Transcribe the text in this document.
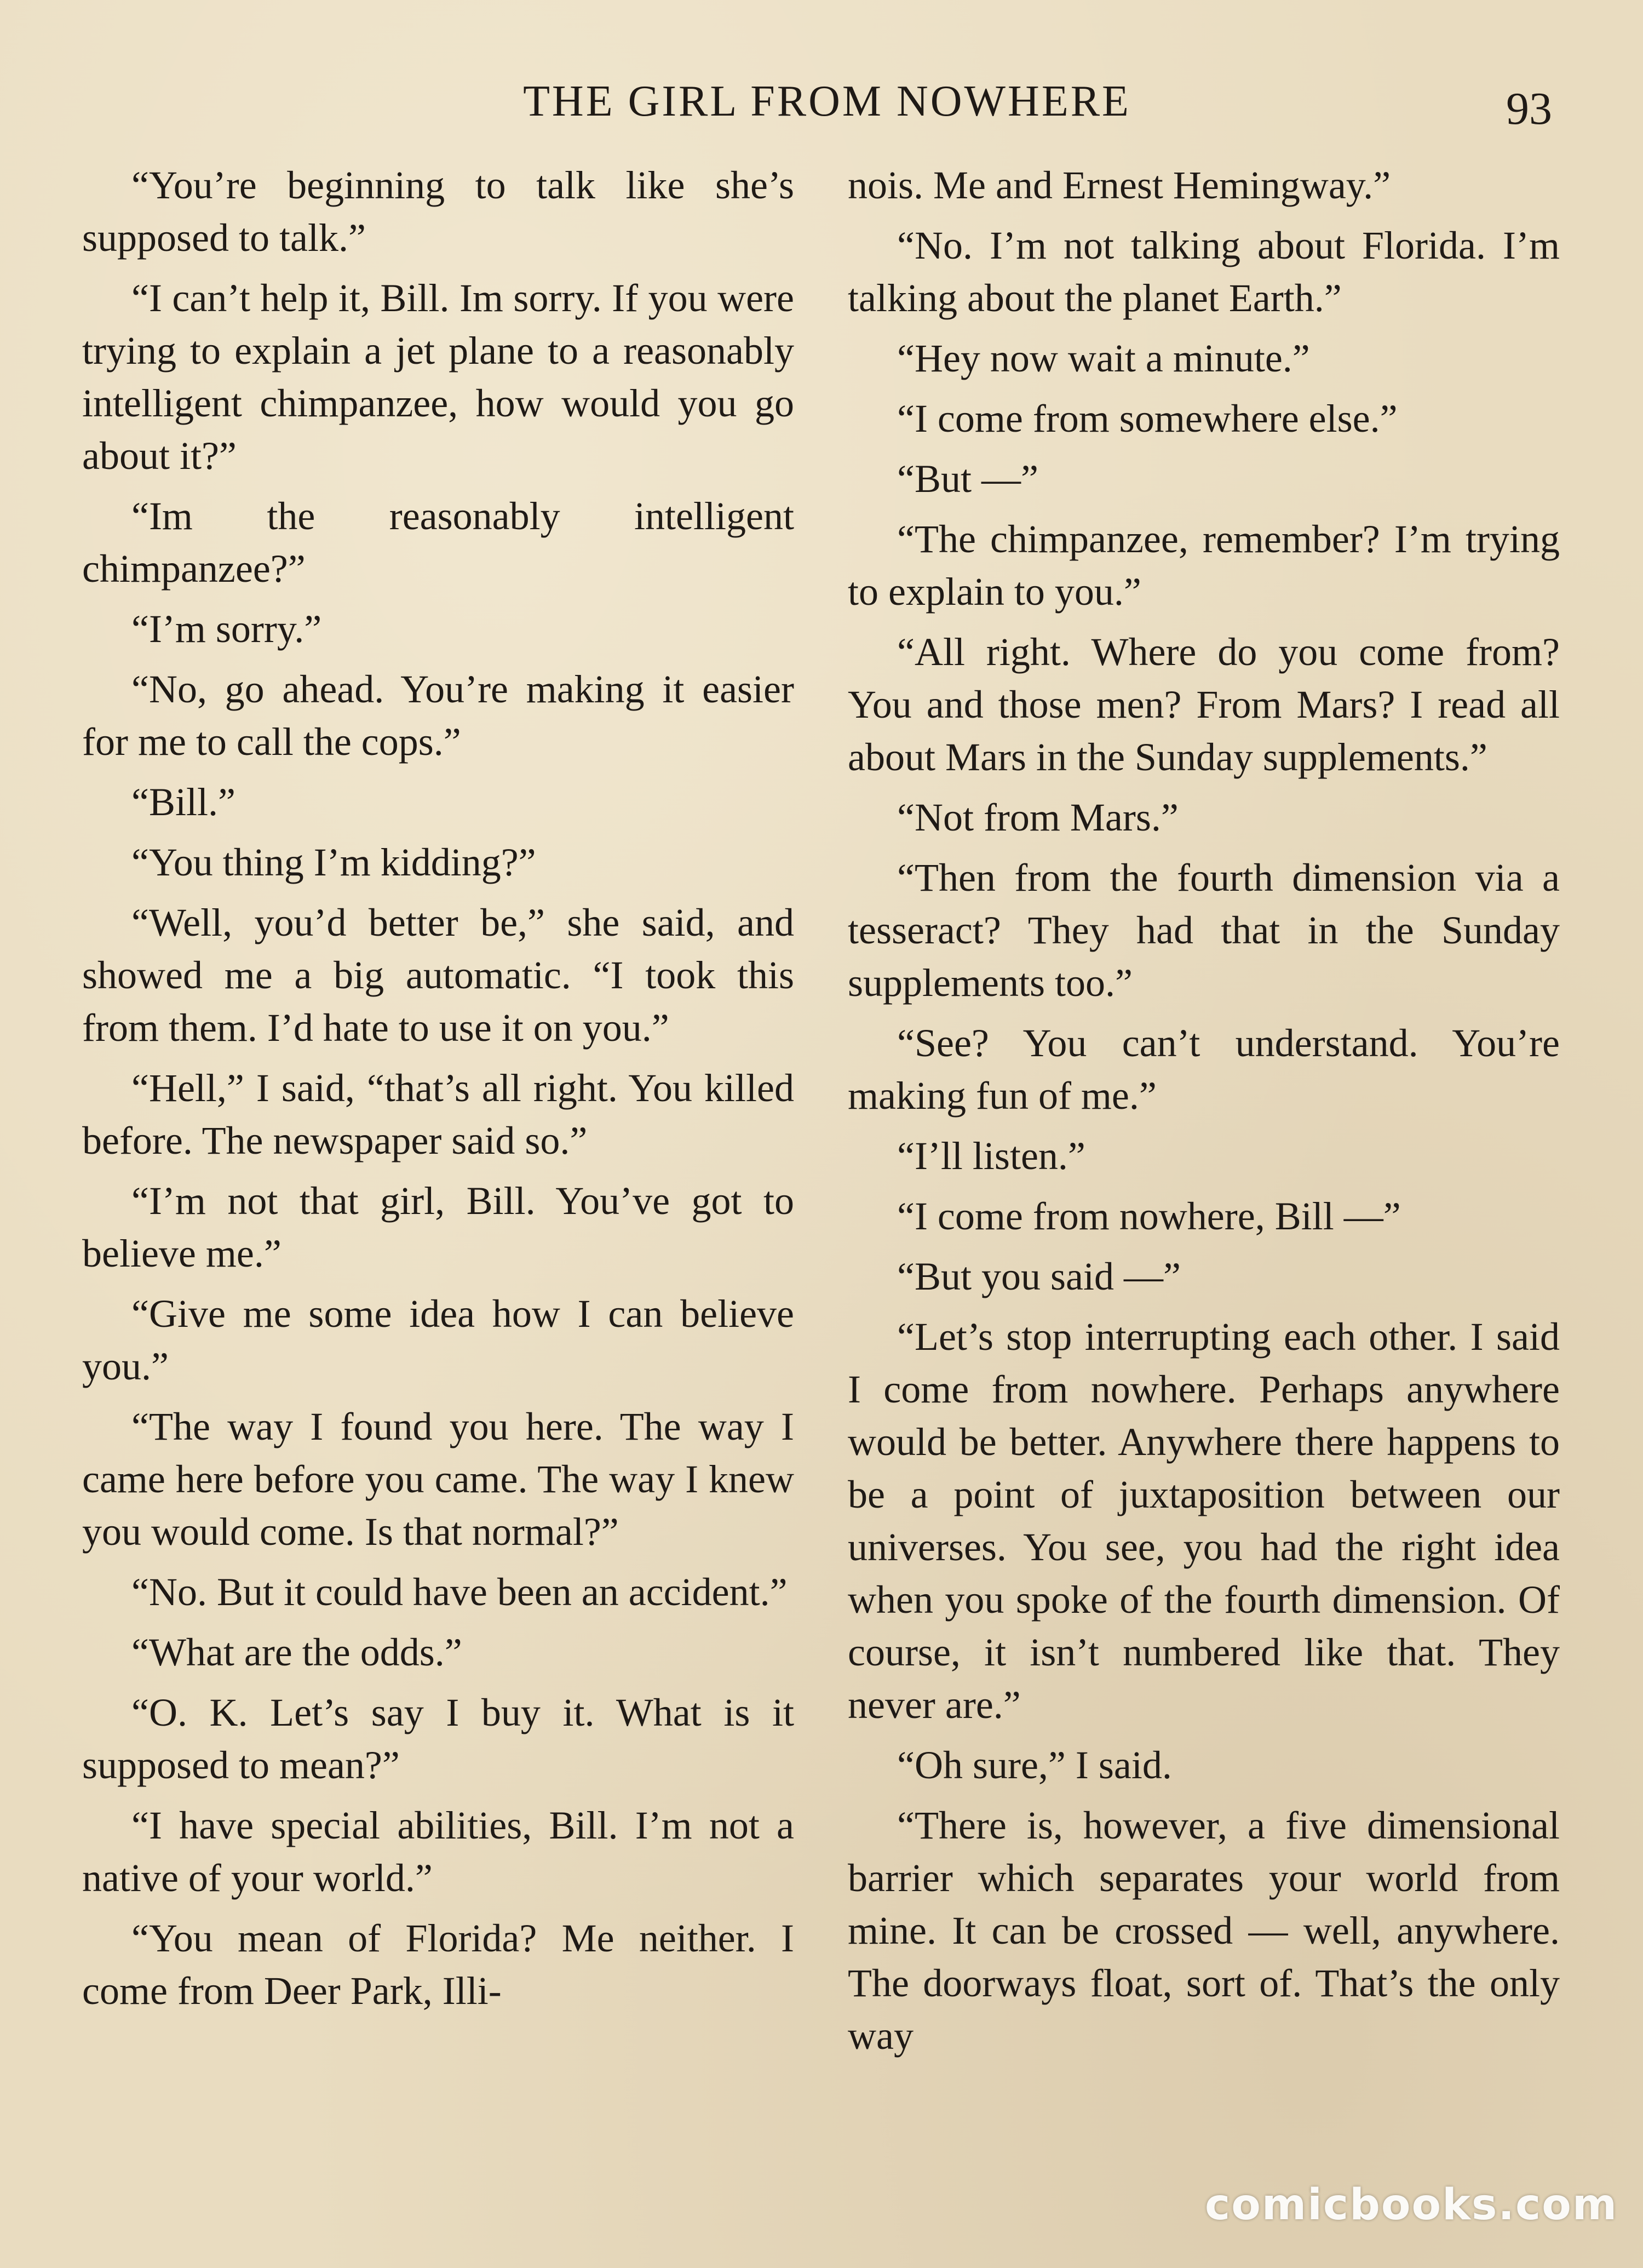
THE GIRL FROM NOWHERE	93

“You’re beginning to talk like she’s supposed to talk.”

“I can’t help it, Bill. Im sorry. If you were trying to explain a jet plane to a reasonably intelligent chimpanzee, how would you go about it?”

“Im the reasonably intelligent chimpanzee?”

“I’m sorry.”

“No, go ahead. You’re making it easier for me to call the cops.”

“Bill.”

“You thing I’m kidding?”

“Well, you’d better be,” she said, and showed me a big automatic. “I took this from them. I’d hate to use it on you.”

“Hell,” I said, “that’s all right. You killed before. The newspaper said so.”

“I’m not that girl, Bill. You’ve got to believe me.”

“Give me some idea how I can believe you.”

“The way I found you here. The way I came here before you came. The way I knew you would come. Is that normal?”

“No. But it could have been an accident.”

“What are the odds.”

“O. K. Let’s say I buy it. What is it supposed to mean?”

“I have special abilities, Bill. I’m not a native of your world.”

“You mean of Florida? Me neither. I come from Deer Park, Illi-

nois. Me and Ernest Hemingway.”

“No. I’m not talking about Florida. I’m talking about the planet Earth.”

“Hey now wait a minute.”

“I come from somewhere else.”

“But —”

“The chimpanzee, remember? I’m trying to explain to you.”

“All right. Where do you come from? You and those men? From Mars? I read all about Mars in the Sunday supplements.”

“Not from Mars.”

“Then from the fourth dimension via a tesseract? They had that in the Sunday supplements too.”

“See? You can’t understand. You’re making fun of me.”

“I’ll listen.”

“I come from nowhere, Bill —”

“But you said —”

“Let’s stop interrupting each other. I said I come from nowhere. Perhaps anywhere would be better. Anywhere there happens to be a point of juxtaposition between our universes. You see, you had the right idea when you spoke of the fourth dimension. Of course, it isn’t numbered like that. They never are.”

“Oh sure,” I said.

“There is, however, a five dimensional barrier which separates your world from mine. It can be crossed — well, anywhere. The doorways float, sort of. That’s the only way

comicbooks.com
